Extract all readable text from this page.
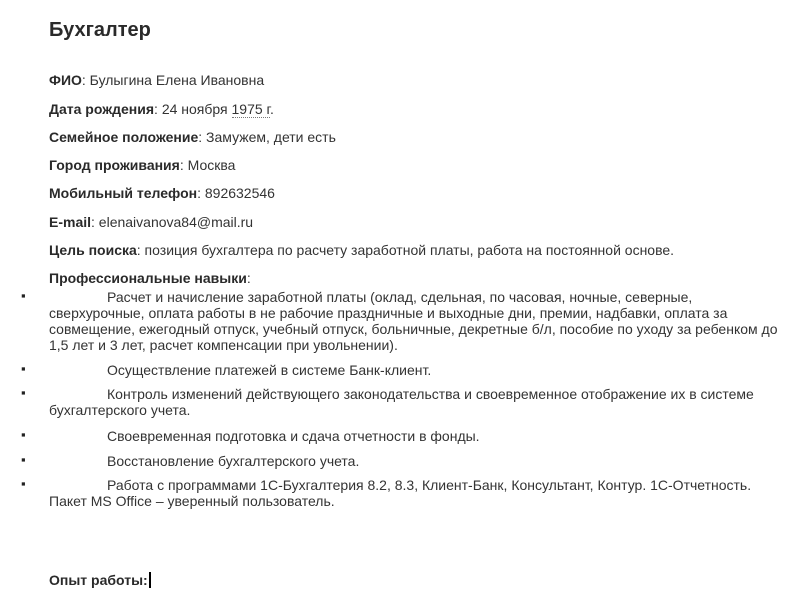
Бухгалтер

ФИО: Булыгина Елена Ивановна

Дата рождения: 24 ноября 1975 г.

Семейное положение: Замужем, дети есть

Город проживания: Москва

Мобильный телефон: 892632546

E-mail: elenaivanova84@mail.ru

Цель поиска: позиция бухгалтера по расчету заработной платы, работа на постоянной основе.

Профессиональные навыки:

▪	Расчет и начисление заработной платы (оклад, сдельная, по часовая, ночные, северные, сверхурочные, оплата работы в не рабочие праздничные и выходные дни, премии, надбавки, оплата за совмещение, ежегодный отпуск, учебный отпуск, больничные, декретные б/л, пособие по уходу за ребенком до 1,5 лет и 3 лет, расчет компенсации при увольнении).

▪	Осуществление платежей в системе Банк-клиент.

▪	Контроль изменений действующего законодательства и своевременное отображение их в системе бухгалтерского учета.

▪	Своевременная подготовка и сдача отчетности в фонды.

▪	Восстановление бухгалтерского учета.

▪	Работа с программами 1С-Бухгалтерия 8.2, 8.3, Клиент-Банк, Консультант, Контур. 1С-Отчетность. Пакет MS Office – уверенный пользователь.

Опыт работы:
